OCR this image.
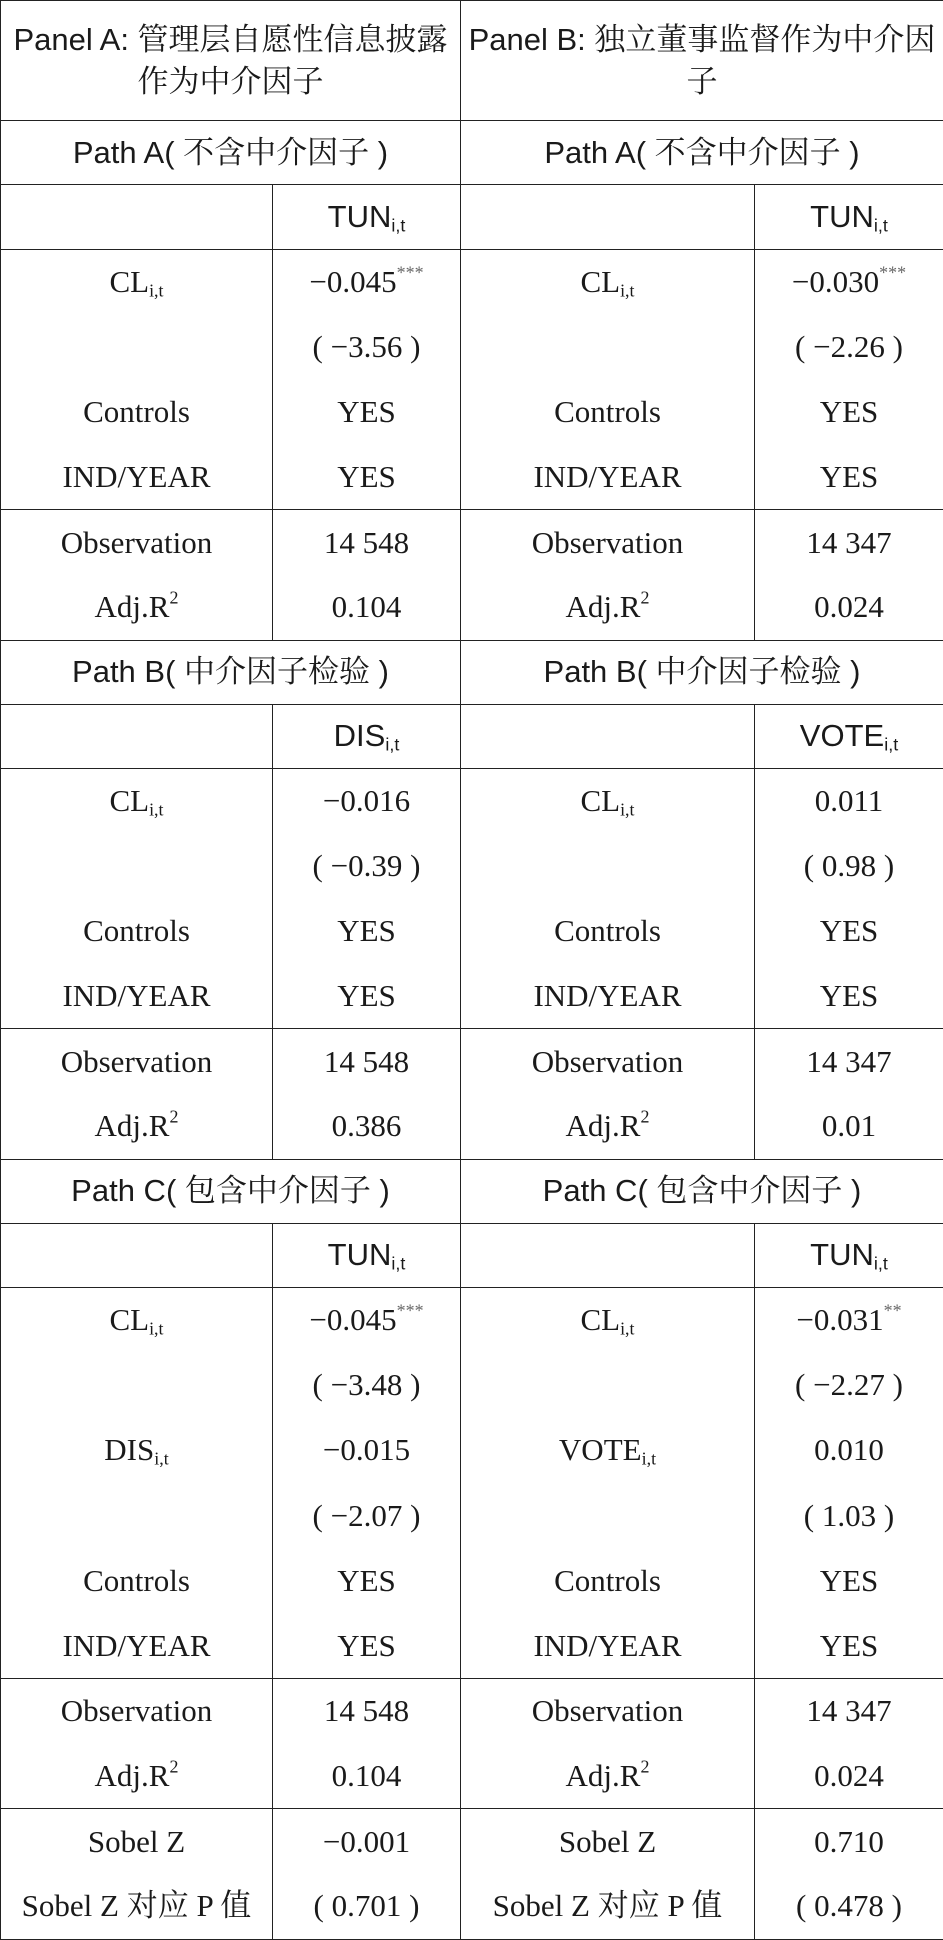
Panel A: 管理层自愿性信息披露作为中介因子		Panel B: 独立董事监督作为中介因子	
Path A( 不含中介因子 )		Path A( 不含中介因子 )	
	$TUN_{i,t}$		$TUN_{i,t}$
$CL_{i,t}$	−0.045***	$CL_{i,t}$	−0.030***
	( −3.56 )		( −2.26 )
Controls	YES	Controls	YES
IND/YEAR	YES	IND/YEAR	YES
Observation	14 548	Observation	14 347
$Adj.R^2$	0.104	$Adj.R^2$	0.024
Path B( 中介因子检验 )		Path B( 中介因子检验 )	
	$DIS_{i,t}$		$VOTE_{i,t}$
$CL_{i,t}$	−0.016	$CL_{i,t}$	0.011
	( −0.39 )		( 0.98 )
Controls	YES	Controls	YES
IND/YEAR	YES	IND/YEAR	YES
Observation	14 548	Observation	14 347
$Adj.R^2$	0.386	$Adj.R^2$	0.01
Path C( 包含中介因子 )		Path C( 包含中介因子 )	
	$TUN_{i,t}$		$TUN_{i,t}$
$CL_{i,t}$	−0.045***	$CL_{i,t}$	−0.031**
	( −3.48 )		( −2.27 )
$DIS_{i,t}$	−0.015	$VOTE_{i,t}$	0.010
	( −2.07 )		( 1.03 )
Controls	YES	Controls	YES
IND/YEAR	YES	IND/YEAR	YES
Observation	14 548	Observation	14 347
$Adj.R^2$	0.104	$Adj.R^2$	0.024
Sobel Z	−0.001	Sobel Z	0.710
Sobel Z 对应 P 值	( 0.701 )	Sobel Z 对应 P 值	( 0.478 )
